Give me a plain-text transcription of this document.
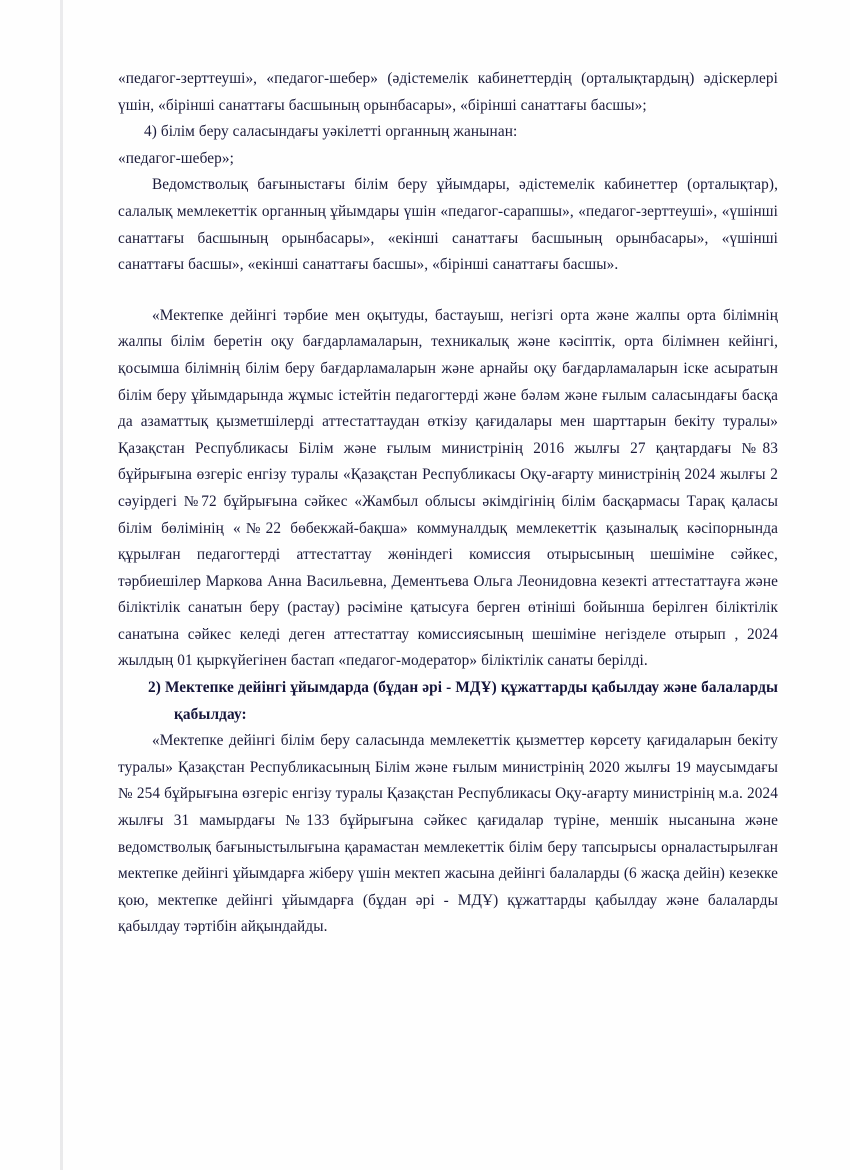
«педагог-зерттеуші», «педагог-шебер» (әдістемелік кабинеттердің (орталықтардың) әдіскерлері үшін, «бірінші санаттағы басшының орынбасары», «бірінші санаттағы басшы»;

4) білім беру саласындағы уәкілетті органның жанынан:

«педагог-шебер»;

Ведомстволық бағыныстағы білім беру ұйымдары, әдістемелік кабинеттер (орталықтар), салалық мемлекеттік органның ұйымдары үшін «педагог-сарапшы», «педагог-зерттеуші», «үшінші санаттағы басшының орынбасары», «екінші санаттағы басшының орынбасары», «үшінші санаттағы басшы», «екінші санаттағы басшы», «бірінші санаттағы басшы».

«Мектепке дейінгі тәрбие мен оқытуды, бастауыш, негізгі орта және жалпы орта білімнің жалпы білім беретін оқу бағдарламаларын, техникалық және кәсіптік, орта білімнен кейінгі, қосымша білімнің білім беру бағдарламаларын және арнайы оқу бағдарламаларын іске асыратын білім беру ұйымдарында жұмыс істейтін педагогтерді және бәләм және ғылым саласындағы басқа да азаматтық қызметшілерді аттестаттаудан өткізу қағидалары мен шарттарын бекіту туралы» Қазақстан Республикасы Білім және ғылым министрінің 2016 жылғы 27 қаңтардағы №83 бұйрығына өзгеріс енгізу туралы «Қазақстан Республикасы Оқу-ағарту министрінің 2024 жылғы 2 сәуірдегі №72 бұйрығына сәйкес «Жамбыл облысы әкімдігінің білім басқармасы Тарақ қаласы білім бөлімінің «№22 бөбекжай-бақша» коммуналдық мемлекеттік қазыналық кәсіпорнында құрылған педагогтерді аттестаттау жөніндегі комиссия отырысының шешіміне сәйкес, тәрбиешілер Маркова Анна Васильевна, Дементьева Ольга Леонидовна кезекті аттестаттауға және біліктілік санатын беру (растау) рәсіміне қатысуға берген өтініші бойынша берілген біліктілік санатына сәйкес келеді деген аттестаттау комиссиясының шешіміне негізделе отырып , 2024 жылдың 01 қыркүйегінен бастап «педагог-модератор» біліктілік санаты берілді.

2) Мектепке дейінгі ұйымдарда (бұдан әрі - МДҰ) құжаттарды қабылдау және балаларды қабылдау:

«Мектепке дейінгі білім беру саласында мемлекеттік қызметтер көрсету қағидаларын бекіту туралы» Қазақстан Республикасының Білім және ғылым министрінің 2020 жылғы 19 маусымдағы № 254 бұйрығына өзгеріс енгізу туралы Қазақстан Республикасы Оқу-ағарту министрінің м.а. 2024 жылғы 31 мамырдағы №133 бұйрығына сәйкес қағидалар түріне, меншік нысанына және ведомстволық бағыныстылығына қарамастан мемлекеттік білім беру тапсырысы орналастырылған мектепке дейінгі ұйымдарға жіберу үшін мектеп жасына дейінгі балаларды (6 жасқа дейін) кезекке қою, мектепке дейінгі ұйымдарға (бұдан әрі - МДҰ) құжаттарды қабылдау және балаларды қабылдау тәртібін айқындайды.
